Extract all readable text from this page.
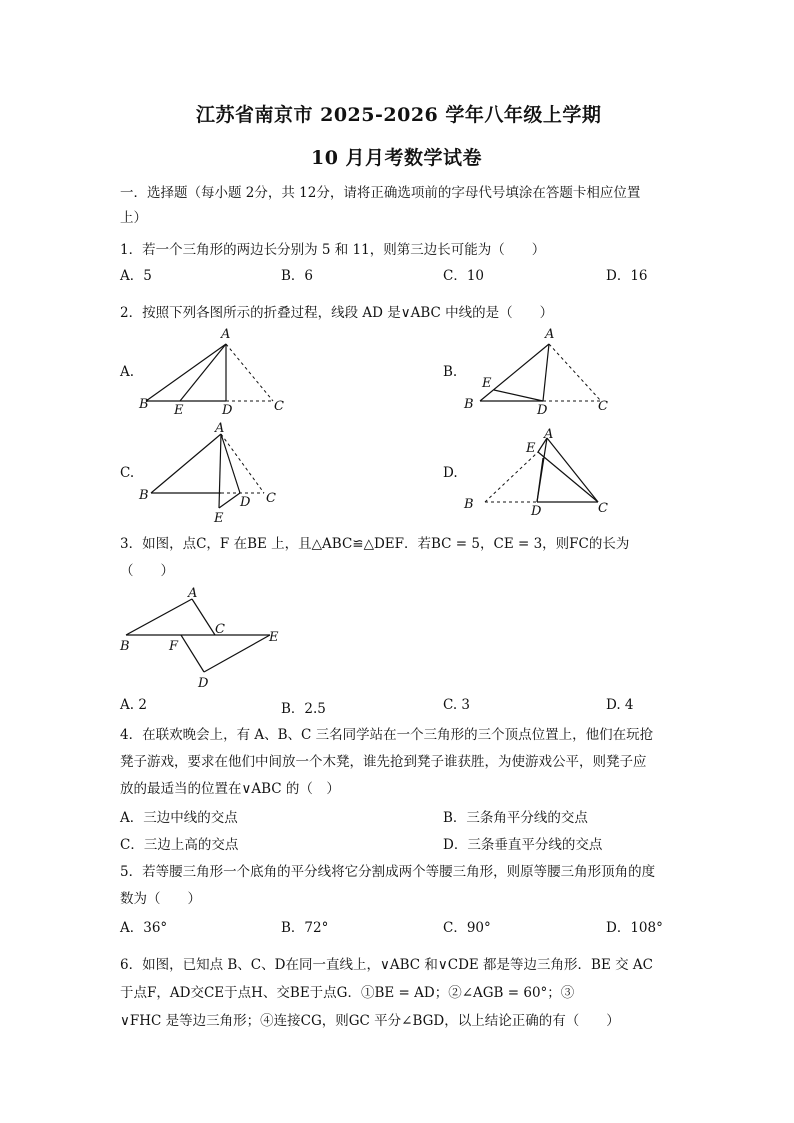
江苏省南京市 2025-2026 学年八年级上学期
10 月月考数学试卷
一．选择题（每小题 2分，共 12分，请将正确选项前的字母代号填涂在答题卡相应位置
上）
1．若一个三角形的两边长分别为 5 和 11，则第三边长可能为（　　）
A．5	B．6	C．10	D．16
2．按照下列各图所示的折叠过程，线段 AD 是∨ABC 中线的是（　　）
A.
A
B	C
D
E
B.
A
B	C
D
E
C.
A
B	C
D
E
D.
A
B	C
D
E
3．如图，点C，F 在BE 上，且△ABC≌△DEF．若BC = 5，CE = 3，则FC的长为
（　　）
A
B
C
D
E
F
A. 2	B．2.5	C. 3	D. 4
4．在联欢晚会上，有 A、B、C 三名同学站在一个三角形的三个顶点位置上，他们在玩抢
凳子游戏，要求在他们中间放一个木凳，谁先抢到凳子谁获胜，为使游戏公平，则凳子应
放的最适当的位置在∨ABC 的（　）
A．三边中线的交点	B．三条角平分线的交点
C．三边上高的交点	D．三条垂直平分线的交点
5．若等腰三角形一个底角的平分线将它分割成两个等腰三角形，则原等腰三角形顶角的度
数为（　　）
A．36°	B．72°	C．90°	D．108°
6．如图，已知点 B、C、D在同一直线上，∨ABC 和∨CDE 都是等边三角形．BE 交 AC
于点F，AD交CE于点H、交BE于点G．①BE = AD；②∠AGB = 60°；③
∨FHC 是等边三角形；④连接CG，则GC 平分∠BGD，以上结论正确的有（　　）
